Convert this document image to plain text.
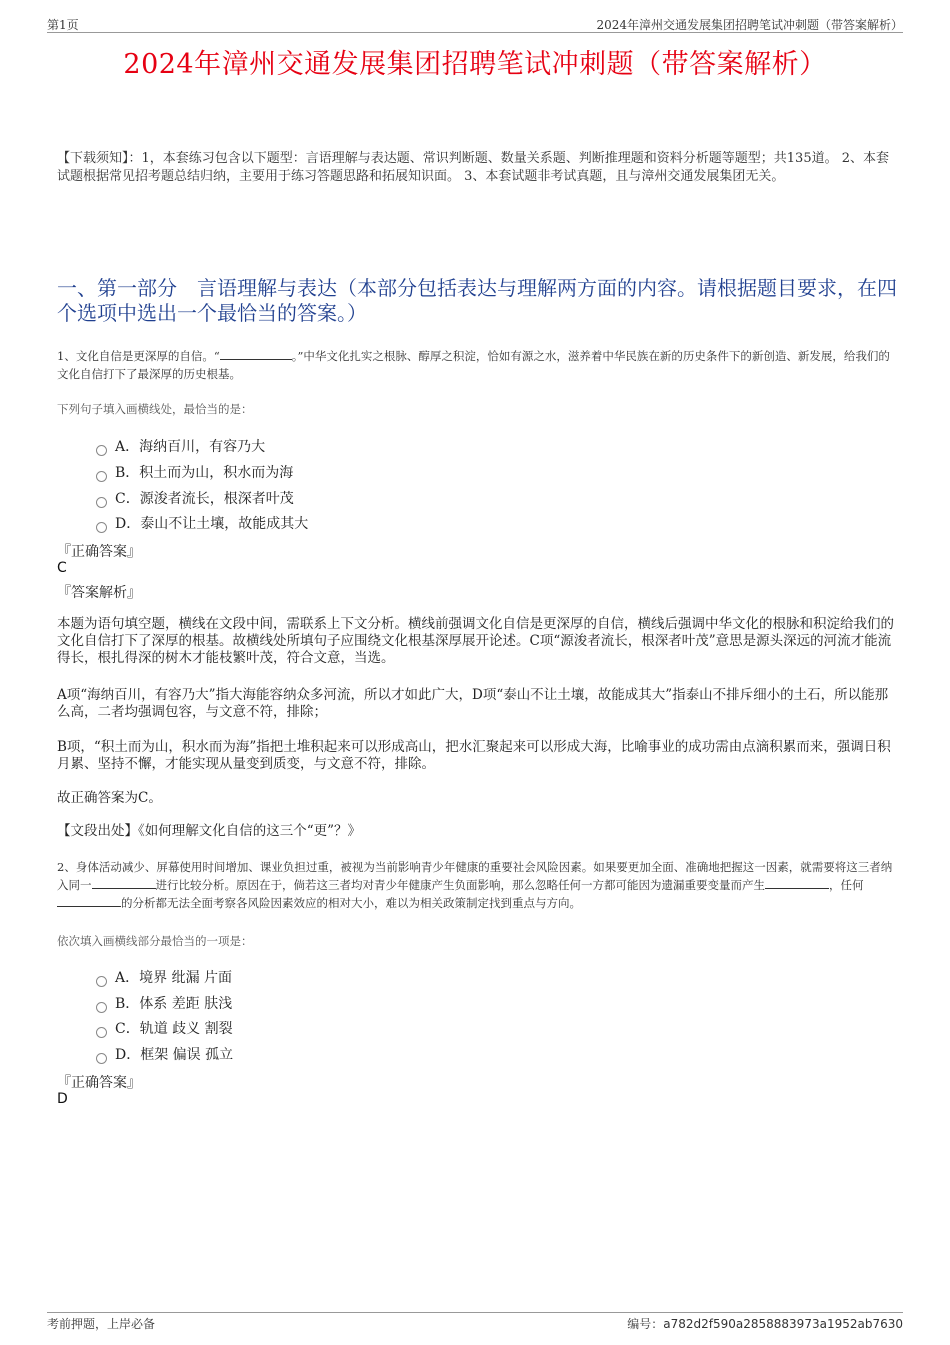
第1页	2024年漳州交通发展集团招聘笔试冲刺题（带答案解析）
2024年漳州交通发展集团招聘笔试冲刺题（带答案解析）
【下载须知】：1，本套练习包含以下题型：言语理解与表达题、常识判断题、数量关系题、判断推理题和资料分析题等题型；共135道。 2、本套试题根据常见招考题总结归纳，主要用于练习答题思路和拓展知识面。 3、本套试题非考试真题，且与漳州交通发展集团无关。
一、第一部分　言语理解与表达（本部分包括表达与理解两方面的内容。请根据题目要求，在四个选项中选出一个最恰当的答案。）
1、文化自信是更深厚的自信。“	。”中华文化扎实之根脉、醇厚之积淀，恰如有源之水，滋养着中华民族在新的历史条件下的新创造、新发展，给我们的文化自信打下了最深厚的历史根基。
下列句子填入画横线处，最恰当的是：
A．海纳百川，有容乃大
B．积土而为山，积水而为海
C．源浚者流长，根深者叶茂
D．泰山不让土壤，故能成其大
『正确答案』
C
『答案解析』
本题为语句填空题，横线在文段中间，需联系上下文分析。横线前强调文化自信是更深厚的自信，横线后强调中华文化的根脉和积淀给我们的文化自信打下了深厚的根基。故横线处所填句子应围绕文化根基深厚展开论述。C项“源浚者流长，根深者叶茂”意思是源头深远的河流才能流得长，根扎得深的树木才能枝繁叶茂，符合文意，当选。
A项“海纳百川，有容乃大”指大海能容纳众多河流，所以才如此广大，D项“泰山不让土壤，故能成其大”指泰山不排斥细小的土石，所以能那么高，二者均强调包容，与文意不符，排除；
B项，“积土而为山，积水而为海”指把土堆积起来可以形成高山，把水汇聚起来可以形成大海，比喻事业的成功需由点滴积累而来，强调日积月累、坚持不懈，才能实现从量变到质变，与文意不符，排除。
故正确答案为C。
【文段出处】《如何理解文化自信的这三个“更”？》
2、身体活动减少、屏幕使用时间增加、课业负担过重，被视为当前影响青少年健康的重要社会风险因素。如果要更加全面、准确地把握这一因素，就需要将这三者纳入同一	进行比较分析。原因在于，倘若这三者均对青少年健康产生负面影响，那么忽略任何一方都可能因为遗漏重要变量而产生	，任何的分析都无法全面考察各风险因素效应的相对大小，难以为相关政策制定找到重点与方向。
依次填入画横线部分最恰当的一项是：
A．境界 纰漏 片面
B．体系 差距 肤浅
C．轨道 歧义 割裂
D．框架 偏误 孤立
『正确答案』
D
考前押题，上岸必备	编号：a782d2f590a2858883973a1952ab7630
